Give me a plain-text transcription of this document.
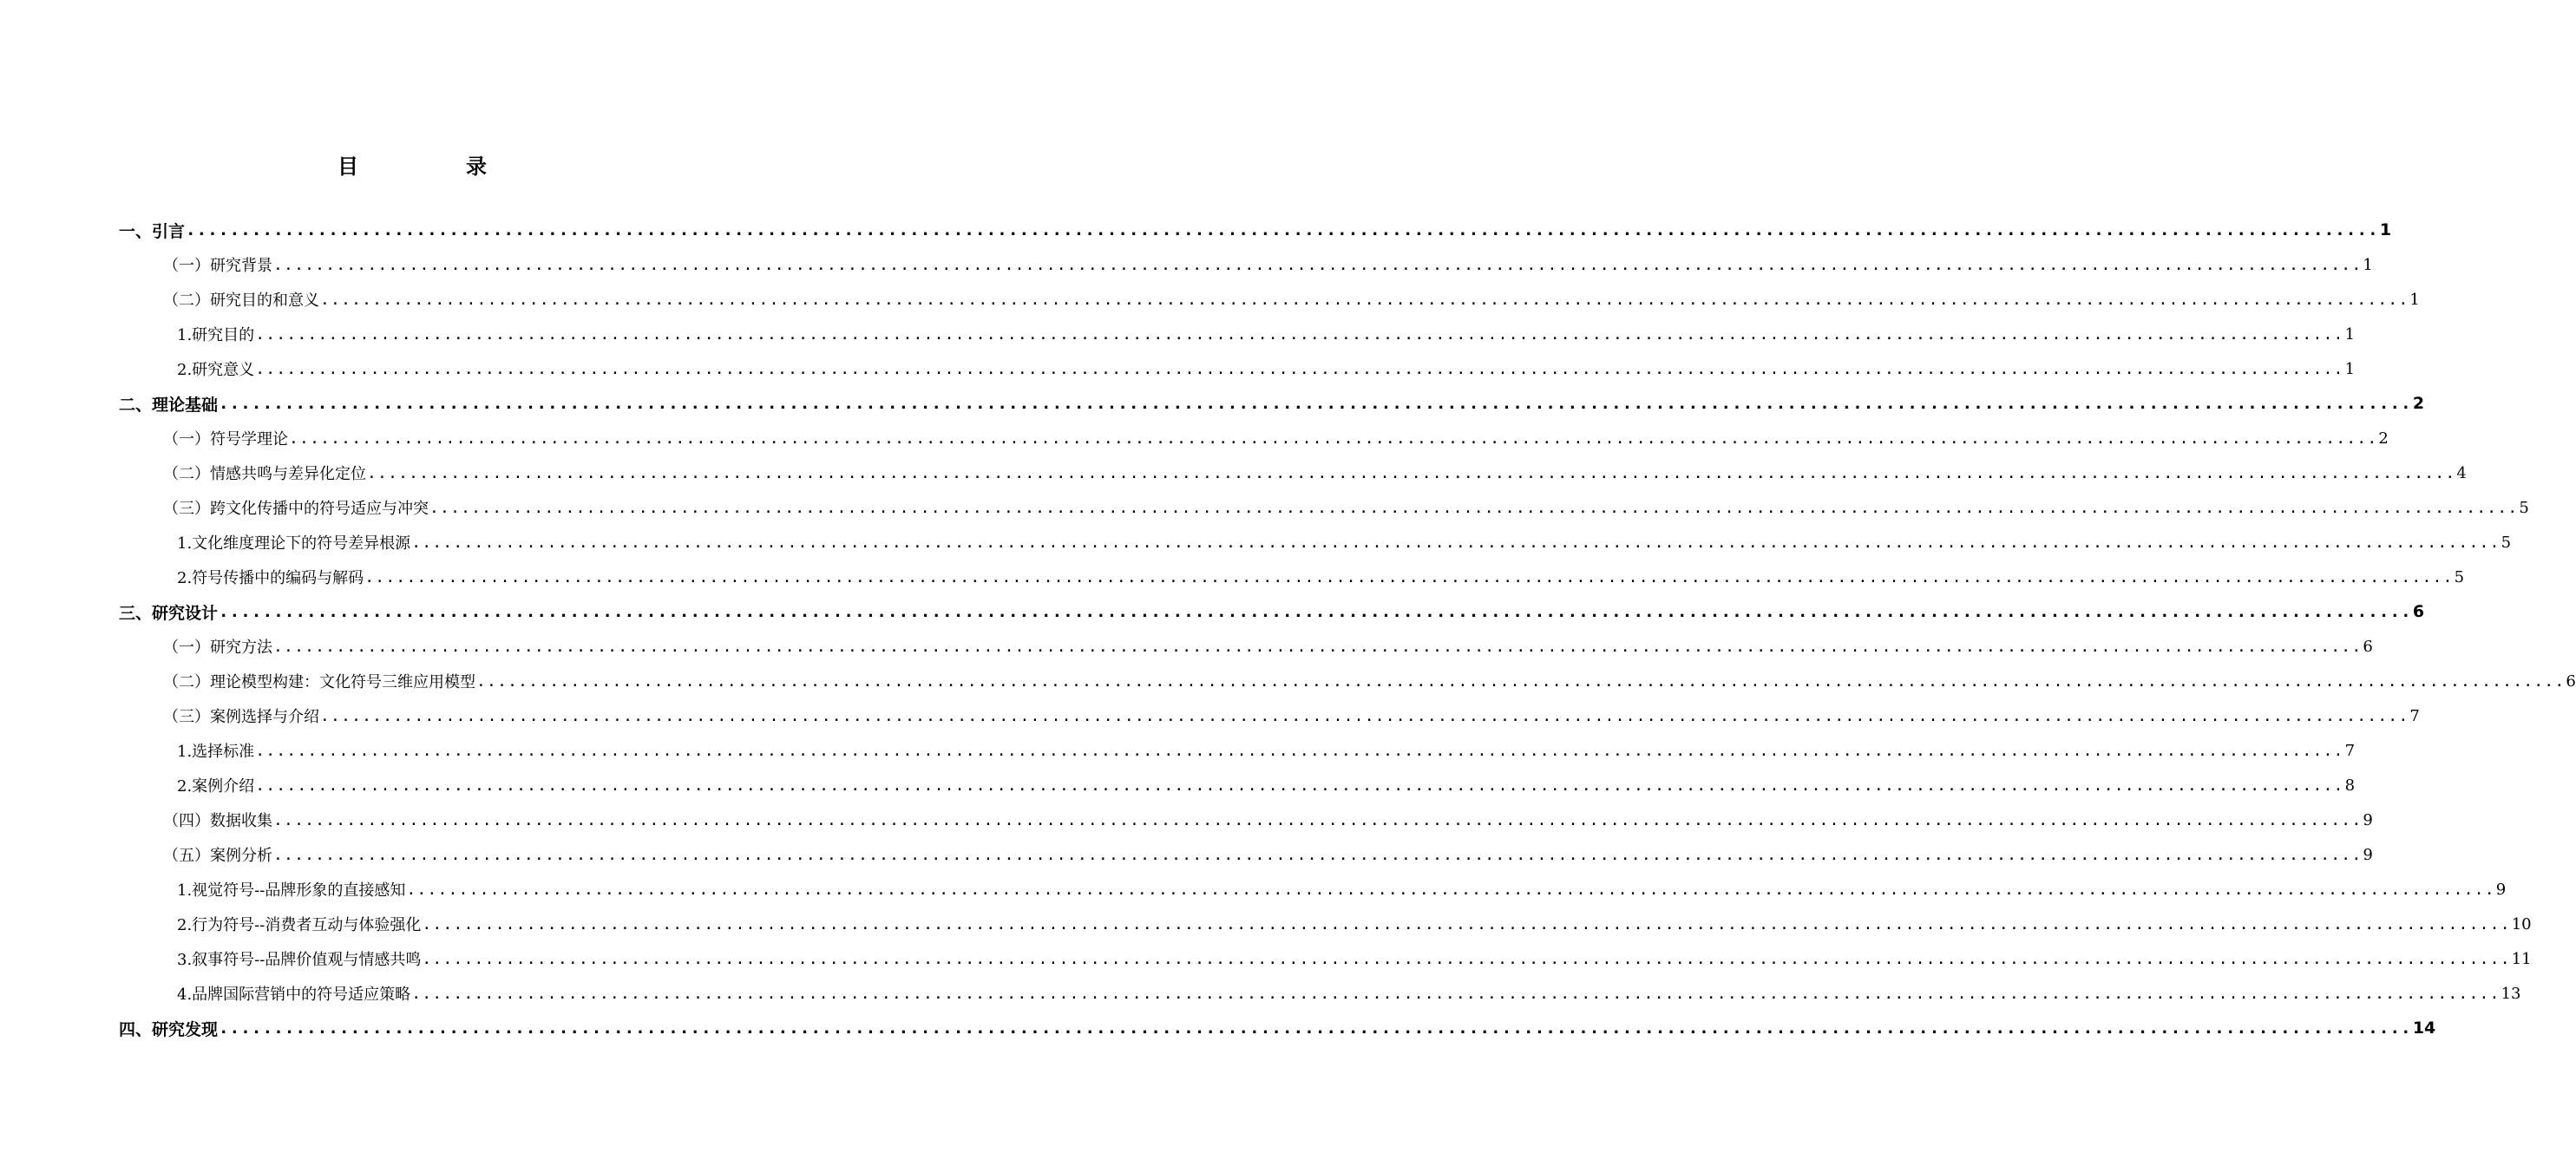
目　录
一、引言 ........................................................................................................................................................................................................ 1
（一）研究背景 ........................................................................................................................................................................................................ 1
（二）研究目的和意义 ........................................................................................................................................................................................................ 1
1.研究目的 ........................................................................................................................................................................................................ 1
2.研究意义 ........................................................................................................................................................................................................ 1
二、理论基础 ........................................................................................................................................................................................................ 2
（一）符号学理论 ........................................................................................................................................................................................................ 2
（二）情感共鸣与差异化定位 ........................................................................................................................................................................................................ 4
（三）跨文化传播中的符号适应与冲突 ........................................................................................................................................................................................................ 5
1.文化维度理论下的符号差异根源 ........................................................................................................................................................................................................ 5
2.符号传播中的编码与解码 ........................................................................................................................................................................................................ 5
三、研究设计 ........................................................................................................................................................................................................ 6
（一）研究方法 ........................................................................................................................................................................................................ 6
（二）理论模型构建：文化符号三维应用模型 ........................................................................................................................................................................................................ 6
（三）案例选择与介绍 ........................................................................................................................................................................................................ 7
1.选择标准 ........................................................................................................................................................................................................ 7
2.案例介绍 ........................................................................................................................................................................................................ 8
（四）数据收集 ........................................................................................................................................................................................................ 9
（五）案例分析 ........................................................................................................................................................................................................ 9
1.视觉符号--品牌形象的直接感知 ........................................................................................................................................................................................................ 9
2.行为符号--消费者互动与体验强化 ........................................................................................................................................................................................................ 10
3.叙事符号--品牌价值观与情感共鸣 ........................................................................................................................................................................................................ 11
4.品牌国际营销中的符号适应策略 ........................................................................................................................................................................................................ 13
四、研究发现 ........................................................................................................................................................................................................ 14
